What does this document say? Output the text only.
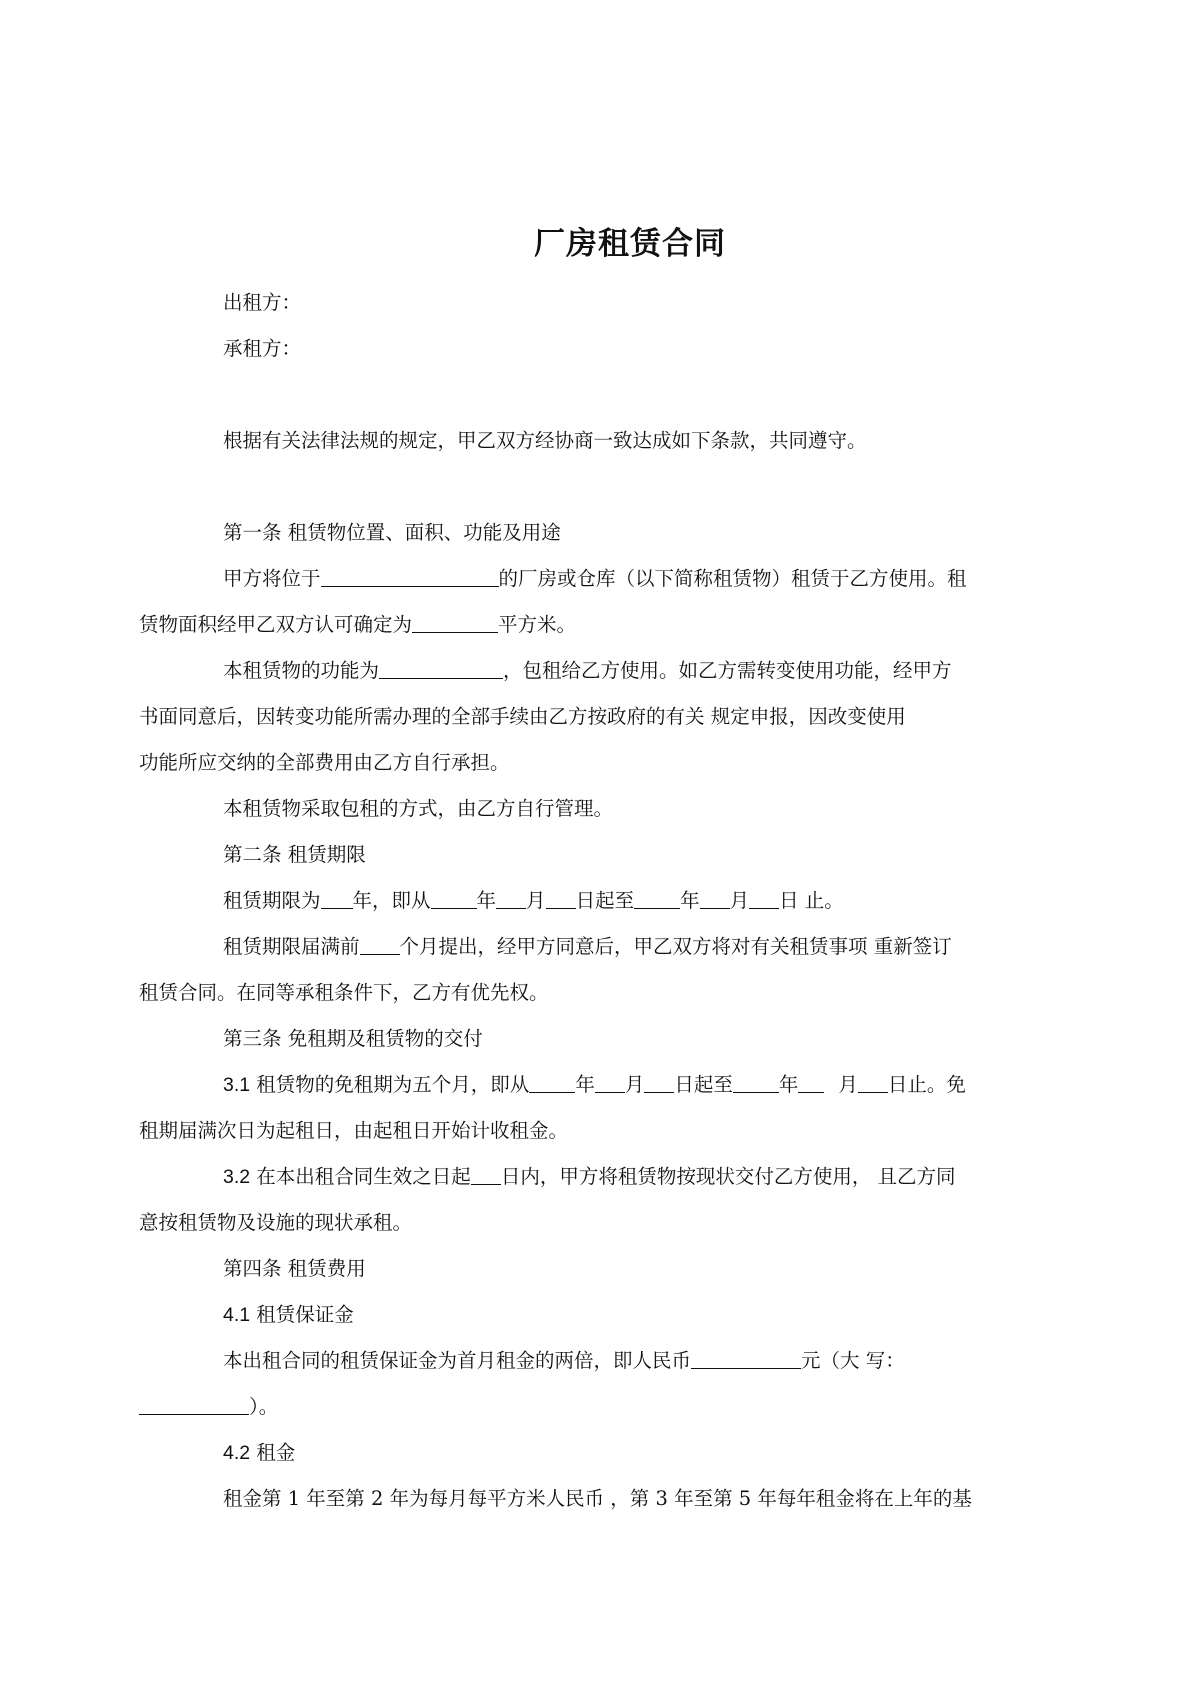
厂房租赁合同

出租方：

承租方：

根据有关法律法规的规定，甲乙双方经协商一致达成如下条款，共同遵守。

第一条 租赁物位置、面积、功能及用途

甲方将位于	的厂房或仓库（以下简称租赁物）租赁于乙方使用。租
赁物面积经甲乙双方认可确定为	平方米。

本租赁物的功能为	，包租给乙方使用。如乙方需转变使用功能，经甲方
书面同意后，因转变功能所需办理的全部手续由乙方按政府的有关 规定申报，因改变使用
功能所应交纳的全部费用由乙方自行承担。

本租赁物采取包租的方式，由乙方自行管理。

第二条 租赁期限

租赁期限为 年，即从 年 月 日起至 年 月 日 止。

租赁期限届满前 个月提出，经甲方同意后，甲乙双方将对有关租赁事项 重新签订
租赁合同。在同等承租条件下，乙方有优先权。

第三条 免租期及租赁物的交付

3.1 租赁物的免租期为五个月，即从 年 月 日起至 年 月 日止。免
租期届满次日为起租日，由起租日开始计收租金。

3.2 在本出租合同生效之日起 日内，甲方将租赁物按现状交付乙方使用， 且乙方同
意按租赁物及设施的现状承租。

第四条 租赁费用

4.1 租赁保证金

本出租合同的租赁保证金为首月租金的两倍，即人民币	元（大 写：
）。

4.2 租金

租金第 1 年至第 2 年为每月每平方米人民币 ，第 3 年至第 5 年每年租金将在上年的基
